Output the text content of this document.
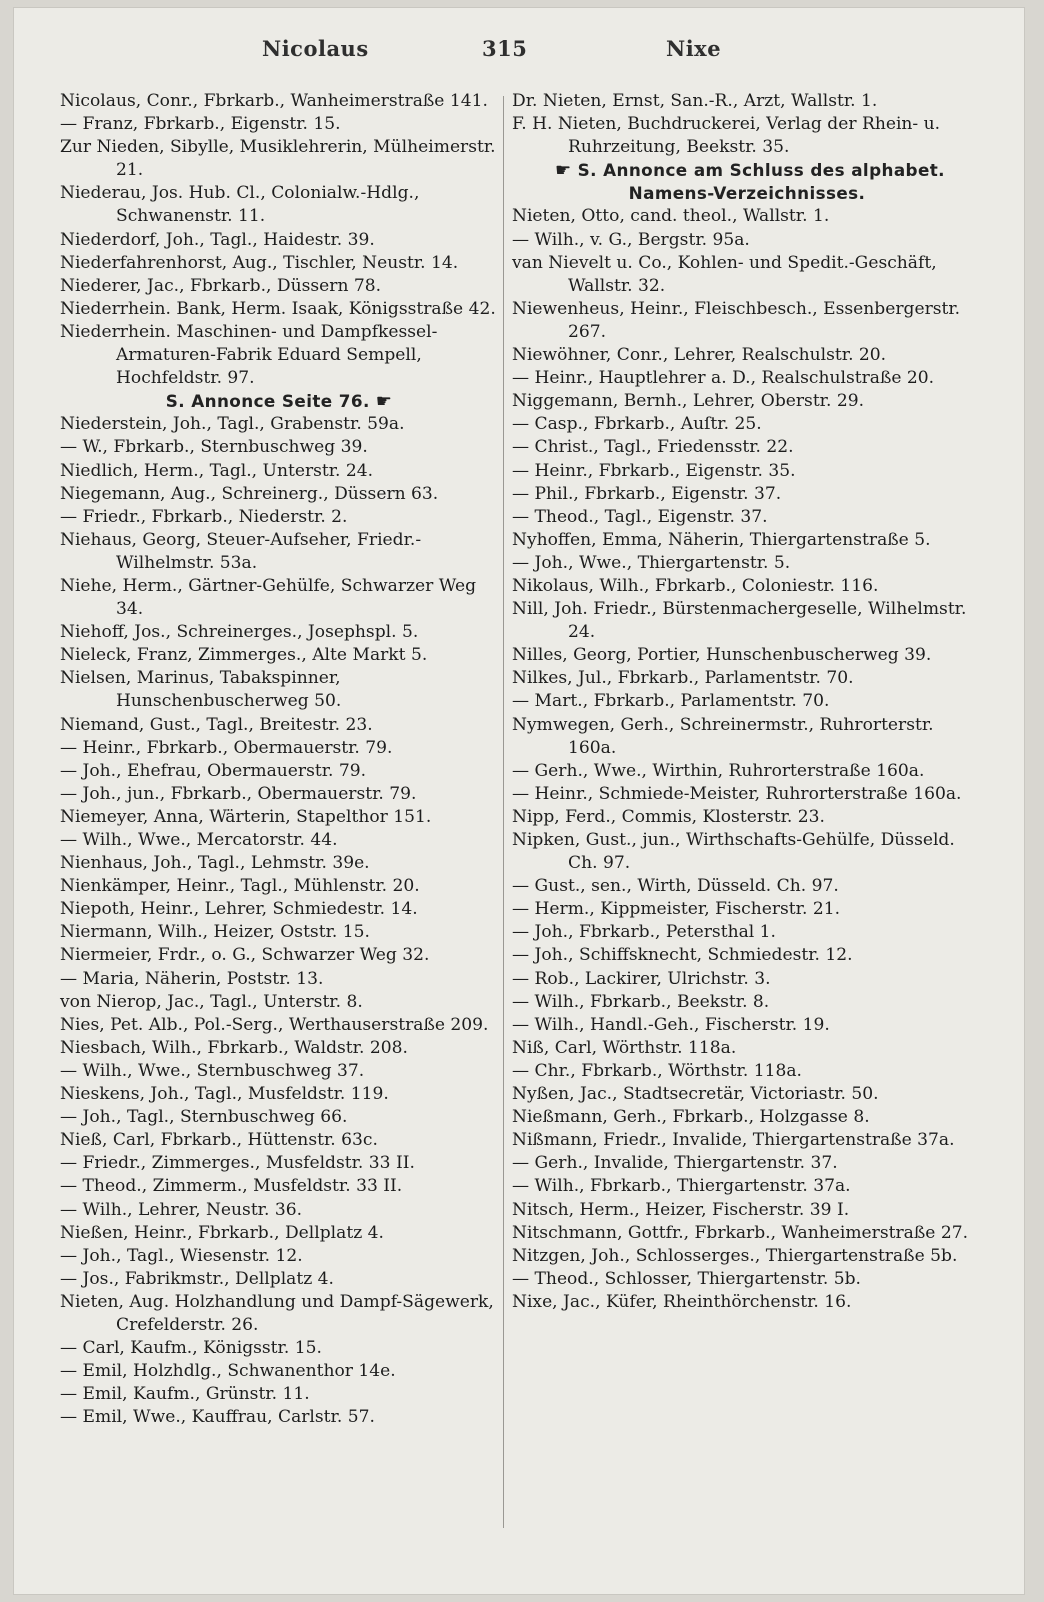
Nicolaus	315	Nixe
Nicolaus, Conr., Fbrkarb., Wanheimerstraße 141.
— Franz, Fbrkarb., Eigenstr. 15.
Zur Nieden, Sibylle, Musiklehrerin, Mülheimerstr. 21.
Niederau, Jos. Hub. Cl., Colonialw.-Hdlg., Schwanenstr. 11.
Niederdorf, Joh., Tagl., Haidestr. 39.
Niederfahrenhorst, Aug., Tischler, Neustr. 14.
Niederer, Jac., Fbrkarb., Düssern 78.
Niederrhein. Bank, Herm. Isaak, Königsstraße 42.
Niederrhein. Maschinen- und Dampfkessel-Armaturen-Fabrik Eduard Sempell, Hochfeldstr. 97.
S. Annonce Seite 76. ☛
Niederstein, Joh., Tagl., Grabenstr. 59a.
— W., Fbrkarb., Sternbuschweg 39.
Niedlich, Herm., Tagl., Unterstr. 24.
Niegemann, Aug., Schreinerg., Düssern 63.
— Friedr., Fbrkarb., Niederstr. 2.
Niehaus, Georg, Steuer-Aufseher, Friedr.-Wilhelmstr. 53a.
Niehe, Herm., Gärtner-Gehülfe, Schwarzer Weg 34.
Niehoff, Jos., Schreinerges., Josephspl. 5.
Nieleck, Franz, Zimmerges., Alte Markt 5.
Nielsen, Marinus, Tabakspinner, Hunschenbuscherweg 50.
Niemand, Gust., Tagl., Breitestr. 23.
— Heinr., Fbrkarb., Obermauerstr. 79.
— Joh., Ehefrau, Obermauerstr. 79.
— Joh., jun., Fbrkarb., Obermauerstr. 79.
Niemeyer, Anna, Wärterin, Stapelthor 151.
— Wilh., Wwe., Mercatorstr. 44.
Nienhaus, Joh., Tagl., Lehmstr. 39e.
Nienkämper, Heinr., Tagl., Mühlenstr. 20.
Niepoth, Heinr., Lehrer, Schmiedestr. 14.
Niermann, Wilh., Heizer, Oststr. 15.
Niermeier, Frdr., o. G., Schwarzer Weg 32.
— Maria, Näherin, Poststr. 13.
von Nierop, Jac., Tagl., Unterstr. 8.
Nies, Pet. Alb., Pol.-Serg., Werthauserstraße 209.
Niesbach, Wilh., Fbrkarb., Waldstr. 208.
— Wilh., Wwe., Sternbuschweg 37.
Nieskens, Joh., Tagl., Musfeldstr. 119.
— Joh., Tagl., Sternbuschweg 66.
Nieß, Carl, Fbrkarb., Hüttenstr. 63c.
— Friedr., Zimmerges., Musfeldstr. 33 II.
— Theod., Zimmerm., Musfeldstr. 33 II.
— Wilh., Lehrer, Neustr. 36.
Nießen, Heinr., Fbrkarb., Dellplatz 4.
— Joh., Tagl., Wiesenstr. 12.
— Jos., Fabrikmstr., Dellplatz 4.
Nieten, Aug. Holzhandlung und Dampf-Sägewerk, Crefelderstr. 26.
— Carl, Kaufm., Königsstr. 15.
— Emil, Holzhdlg., Schwanenthor 14e.
— Emil, Kaufm., Grünstr. 11.
— Emil, Wwe., Kauffrau, Carlstr. 57.
Dr. Nieten, Ernst, San.-R., Arzt, Wallstr. 1.
F. H. Nieten, Buchdruckerei, Verlag der Rhein- u. Ruhrzeitung, Beekstr. 35.
☛ S. Annonce am Schluss des alphabet. Namens-Verzeichnisses.
Nieten, Otto, cand. theol., Wallstr. 1.
— Wilh., v. G., Bergstr. 95a.
van Nievelt u. Co., Kohlen- und Spedit.-Geschäft, Wallstr. 32.
Niewenheus, Heinr., Fleischbesch., Essenbergerstr. 267.
Niewöhner, Conr., Lehrer, Realschulstr. 20.
— Heinr., Hauptlehrer a. D., Realschulstraße 20.
Niggemann, Bernh., Lehrer, Oberstr. 29.
— Casp., Fbrkarb., Auſtr. 25.
— Christ., Tagl., Friedensstr. 22.
— Heinr., Fbrkarb., Eigenstr. 35.
— Phil., Fbrkarb., Eigenstr. 37.
— Theod., Tagl., Eigenstr. 37.
Nyhoffen, Emma, Näherin, Thiergartenstraße 5.
— Joh., Wwe., Thiergartenstr. 5.
Nikolaus, Wilh., Fbrkarb., Coloniestr. 116.
Nill, Joh. Friedr., Bürstenmachergeselle, Wilhelmstr. 24.
Nilles, Georg, Portier, Hunschenbuscherweg 39.
Nilkes, Jul., Fbrkarb., Parlamentstr. 70.
— Mart., Fbrkarb., Parlamentstr. 70.
Nymwegen, Gerh., Schreinermstr., Ruhrorterstr. 160a.
— Gerh., Wwe., Wirthin, Ruhrorterstraße 160a.
— Heinr., Schmiede-Meister, Ruhrorterstraße 160a.
Nipp, Ferd., Commis, Klosterstr. 23.
Nipken, Gust., jun., Wirthschafts-Gehülfe, Düsseld. Ch. 97.
— Gust., sen., Wirth, Düsseld. Ch. 97.
— Herm., Kippmeister, Fischerstr. 21.
— Joh., Fbrkarb., Petersthal 1.
— Joh., Schiffsknecht, Schmiedestr. 12.
— Rob., Lackirer, Ulrichstr. 3.
— Wilh., Fbrkarb., Beekstr. 8.
— Wilh., Handl.-Geh., Fischerstr. 19.
Niß, Carl, Wörthstr. 118a.
— Chr., Fbrkarb., Wörthstr. 118a.
Nyßen, Jac., Stadtsecretär, Victoriastr. 50.
Nießmann, Gerh., Fbrkarb., Holzgasse 8.
Nißmann, Friedr., Invalide, Thiergartenstraße 37a.
— Gerh., Invalide, Thiergartenstr. 37.
— Wilh., Fbrkarb., Thiergartenstr. 37a.
Nitsch, Herm., Heizer, Fischerstr. 39 I.
Nitschmann, Gottfr., Fbrkarb., Wanheimerstraße 27.
Nitzgen, Joh., Schlosserges., Thiergartenstraße 5b.
— Theod., Schlosser, Thiergartenstr. 5b.
Nixe, Jac., Küfer, Rheinthörchenstr. 16.
